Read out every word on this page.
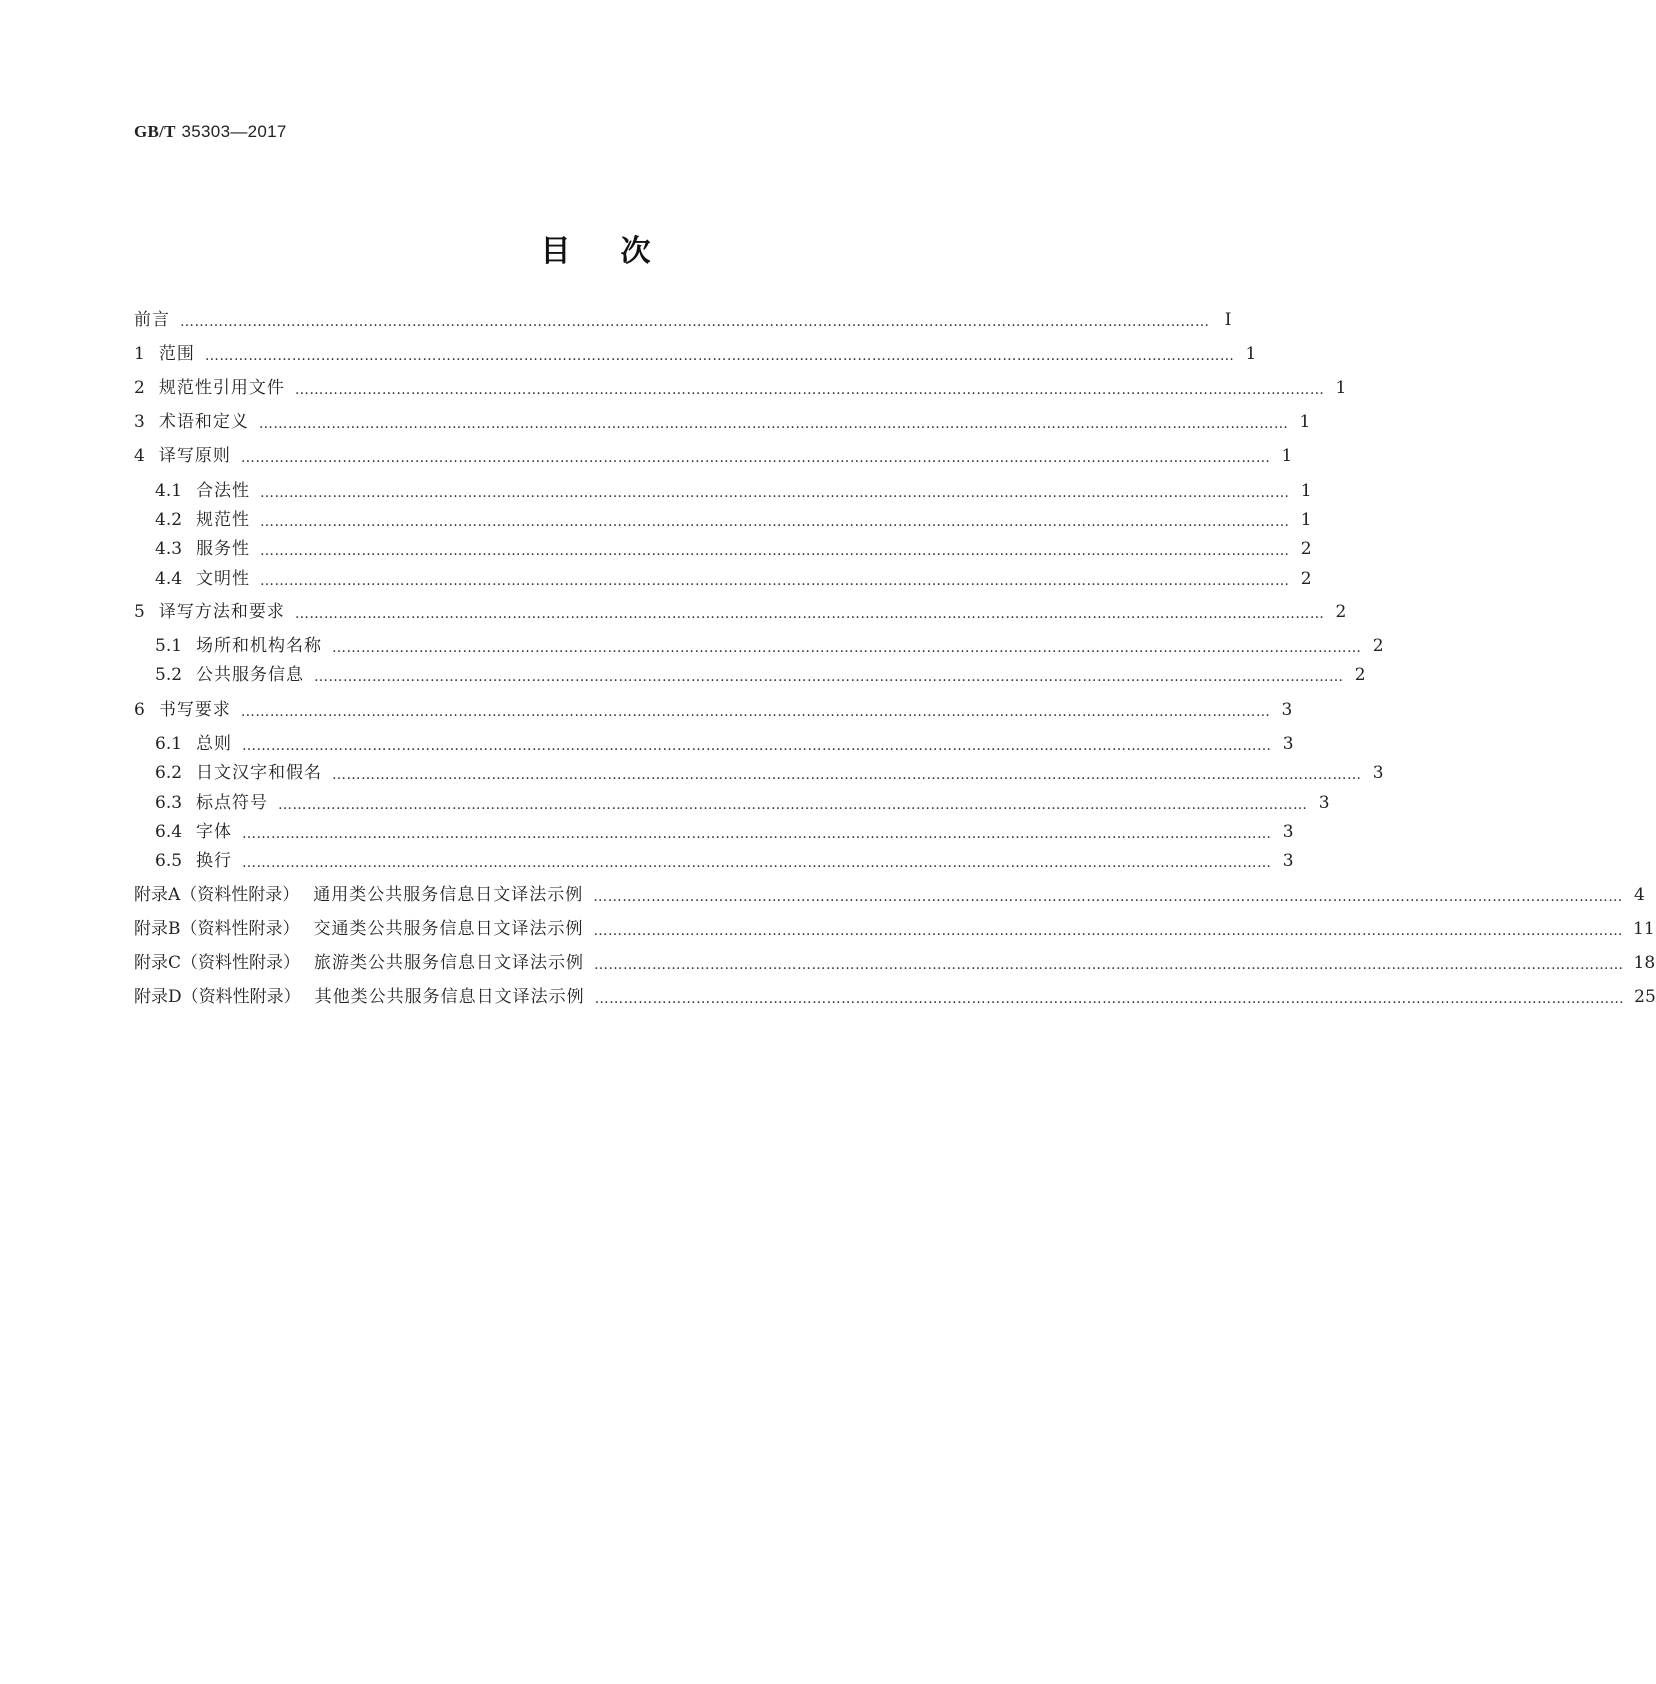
GB/T 35303—2017
目次
前言 …………………………………………………………………………………………………………………………………………………………………………………………… Ⅰ
1 范围 …………………………………………………………………………………………………………………………………………………………………………………………… 1
2 规范性引用文件 …………………………………………………………………………………………………………………………………………………………………………………………… 1
3 术语和定义 …………………………………………………………………………………………………………………………………………………………………………………………… 1
4 译写原则 …………………………………………………………………………………………………………………………………………………………………………………………… 1
4.1 合法性 …………………………………………………………………………………………………………………………………………………………………………………………… 1
4.2 规范性 …………………………………………………………………………………………………………………………………………………………………………………………… 1
4.3 服务性 …………………………………………………………………………………………………………………………………………………………………………………………… 2
4.4 文明性 …………………………………………………………………………………………………………………………………………………………………………………………… 2
5 译写方法和要求 …………………………………………………………………………………………………………………………………………………………………………………………… 2
5.1 场所和机构名称 …………………………………………………………………………………………………………………………………………………………………………………………… 2
5.2 公共服务信息 …………………………………………………………………………………………………………………………………………………………………………………………… 2
6 书写要求 …………………………………………………………………………………………………………………………………………………………………………………………… 3
6.1 总则 …………………………………………………………………………………………………………………………………………………………………………………………… 3
6.2 日文汉字和假名 …………………………………………………………………………………………………………………………………………………………………………………………… 3
6.3 标点符号 …………………………………………………………………………………………………………………………………………………………………………………………… 3
6.4 字体 …………………………………………………………………………………………………………………………………………………………………………………………… 3
6.5 换行 …………………………………………………………………………………………………………………………………………………………………………………………… 3
附录A（资料性附录） 通用类公共服务信息日文译法示例 …………………………………………………………………………………………………………………………………………………………………………………………… 4
附录B（资料性附录） 交通类公共服务信息日文译法示例 …………………………………………………………………………………………………………………………………………………………………………………………… 11
附录C（资料性附录） 旅游类公共服务信息日文译法示例 …………………………………………………………………………………………………………………………………………………………………………………………… 18
附录D（资料性附录） 其他类公共服务信息日文译法示例 …………………………………………………………………………………………………………………………………………………………………………………………… 25
